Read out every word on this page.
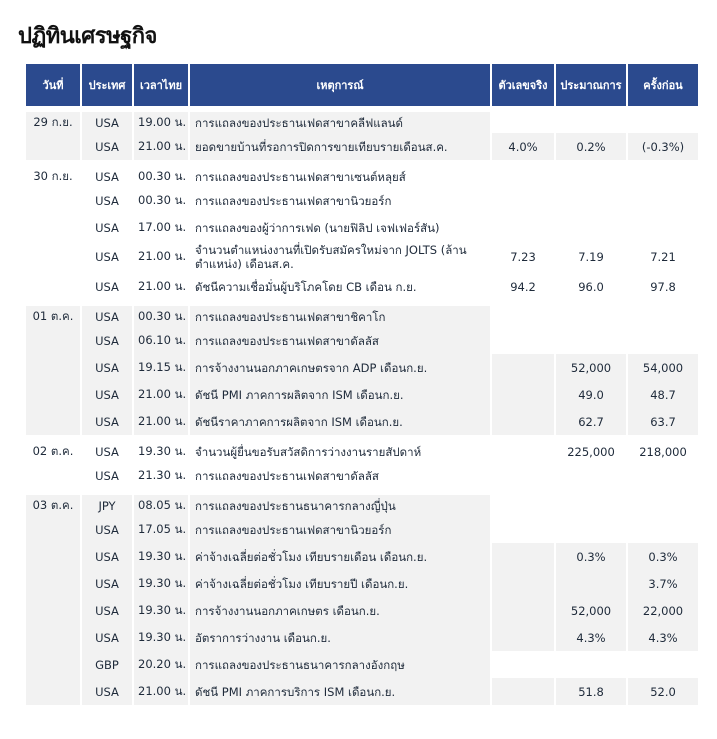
ปฏิทินเศรษฐกิจ
วันที่	ประเทศ	เวลาไทย	เหตุการณ์	ตัวเลขจริง	ประมาณการ	ครั้งก่อน
29 ก.ย.	USA	19.00 น.	การแถลงของประธานเฟดสาขาคลีฟแลนด์			
	USA	21.00 น.	ยอดขายบ้านที่รอการปิดการขายเทียบรายเดือนส.ค.	4.0%	0.2%	(-0.3%)
30 ก.ย.	USA	00.30 น.	การแถลงของประธานเฟดสาขาเซนต์หลุยส์			
	USA	00.30 น.	การแถลงของประธานเฟดสาขานิวยอร์ก			
	USA	17.00 น.	การแถลงของผู้ว่าการเฟด (นายฟิลิป เจฟเฟอร์สัน)			
	USA	21.00 น.	จำนวนตำแหน่งงานที่เปิดรับสมัครใหม่จาก JOLTS (ล้านตำแหน่ง) เดือนส.ค.	7.23	7.19	7.21
	USA	21.00 น.	ดัชนีความเชื่อมั่นผู้บริโภคโดย CB เดือน ก.ย.	94.2	96.0	97.8
01 ต.ค.	USA	00.30 น.	การแถลงของประธานเฟดสาขาชิคาโก			
	USA	06.10 น.	การแถลงของประธานเฟดสาขาดัลลัส			
	USA	19.15 น.	การจ้างงานนอกภาคเกษตรจาก ADP เดือนก.ย.		52,000	54,000
	USA	21.00 น.	ดัชนี PMI ภาคการผลิตจาก ISM เดือนก.ย.		49.0	48.7
	USA	21.00 น.	ดัชนีราคาภาคการผลิตจาก ISM เดือนก.ย.		62.7	63.7
02 ต.ค.	USA	19.30 น.	จำนวนผู้ยื่นขอรับสวัสดิการว่างงานรายสัปดาห์		225,000	218,000
	USA	21.30 น.	การแถลงของประธานเฟดสาขาดัลลัส			
03 ต.ค.	JPY	08.05 น.	การแถลงของประธานธนาคารกลางญี่ปุ่น			
	USA	17.05 น.	การแถลงของประธานเฟดสาขานิวยอร์ก			
	USA	19.30 น.	ค่าจ้างเฉลี่ยต่อชั่วโมง เทียบรายเดือน เดือนก.ย.		0.3%	0.3%
	USA	19.30 น.	ค่าจ้างเฉลี่ยต่อชั่วโมง เทียบรายปี เดือนก.ย.			3.7%
	USA	19.30 น.	การจ้างงานนอกภาคเกษตร เดือนก.ย.		52,000	22,000
	USA	19.30 น.	อัตราการว่างงาน เดือนก.ย.		4.3%	4.3%
	GBP	20.20 น.	การแถลงของประธานธนาคารกลางอังกฤษ			
	USA	21.00 น.	ดัชนี PMI ภาคการบริการ ISM เดือนก.ย.		51.8	52.0
